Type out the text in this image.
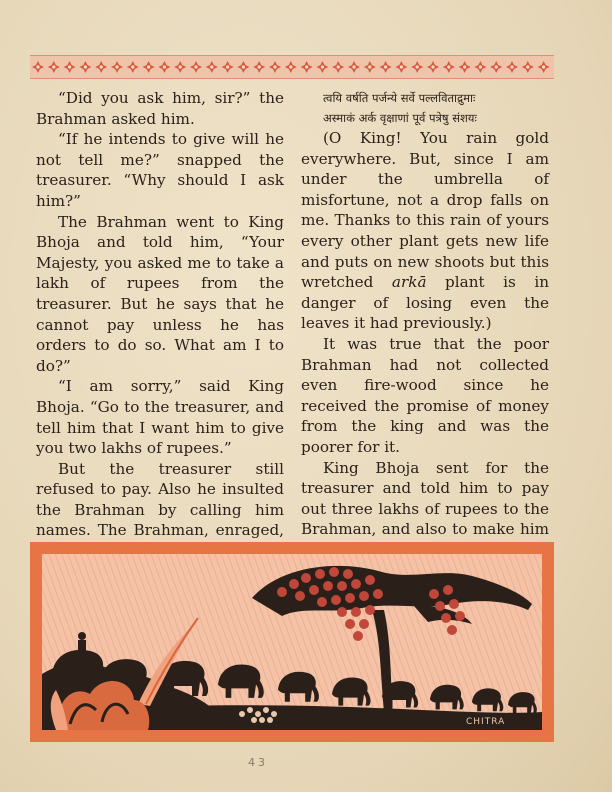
“Did you ask him, sir?” the Brahman asked him.

“If he intends to give will he not tell me?” snapped the treasurer. “Why should I ask him?”

The Brahman went to King Bhoja and told him, “Your Majesty, you asked me to take a lakh of rupees from the treasurer. But he says that he cannot pay unless he has orders to do so. What am I to do?”

“I am sorry,” said King Bhoja. “Go to the treasurer, and tell him that I want him to give you two lakhs of rupees.”

But the treasurer still refused to pay. Also he insulted the Brahman by calling him names. The Brahman, enraged,

त्वयि वर्षति पर्जन्ये सर्वे पल्लविताद्रुमाः

अस्माकं अर्क वृक्षाणां पूर्व पत्रेषु संशयः

(O King! You rain gold everywhere. But, since I am under the umbrella of misfortune, not a drop falls on me. Thanks to this rain of yours every other plant gets new life and puts on new shoots but this wretched arkā plant is in danger of losing even the leaves it had previously.)

It was true that the poor Brahman had not collected even fire-wood since he received the promise of money from the king and was the poorer for it.

King Bhoja sent for the treasurer and told him to pay out three lakhs of rupees to the Brahman, and also to make him

CHITRA
43
